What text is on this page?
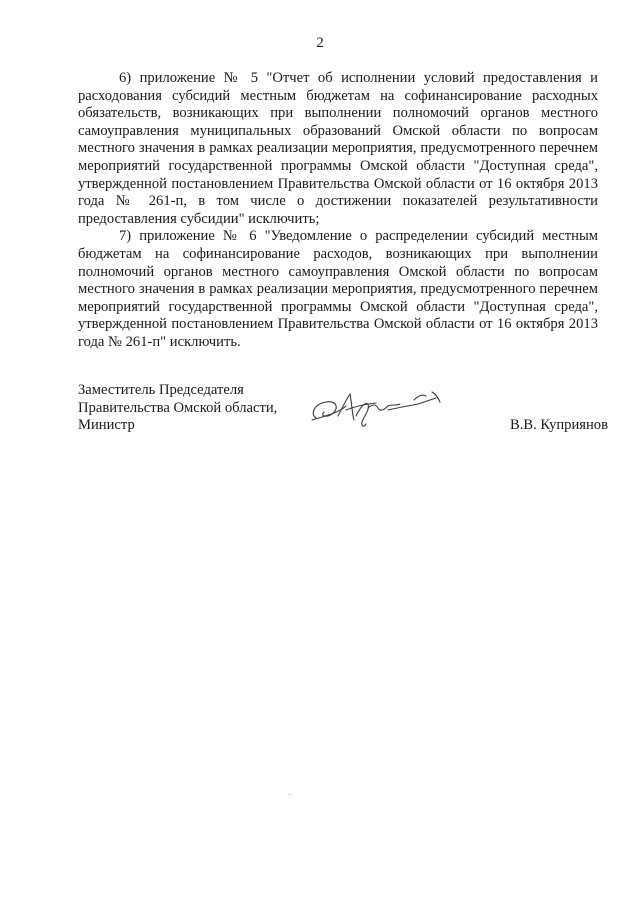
2

6) приложение № 5 "Отчет об исполнении условий предоставления и расходования субсидий местным бюджетам на софинансирование расходных обязательств, возникающих при выполнении полномочий органов местного самоуправления муниципальных образований Омской области по вопросам местного значения в рамках реализации мероприятия, предусмотренного перечнем мероприятий государственной программы Омской области "Доступная среда", утвержденной постановлением Правительства Омской области от 16 октября 2013 года № 261-п, в том числе о достижении показателей результативности предоставления субсидии" исключить;

7) приложение № 6 "Уведомление о распределении субсидий местным бюджетам на софинансирование расходов, возникающих при выполнении полномочий органов местного самоуправления Омской области по вопросам местного значения в рамках реализации мероприятия, предусмотренного перечнем мероприятий государственной программы Омской области "Доступная среда", утвержденной постановлением Правительства Омской области от 16 октября 2013 года № 261-п" исключить.

Заместитель Председателя
Правительства Омской области,
Министр	В.В. Куприянов
